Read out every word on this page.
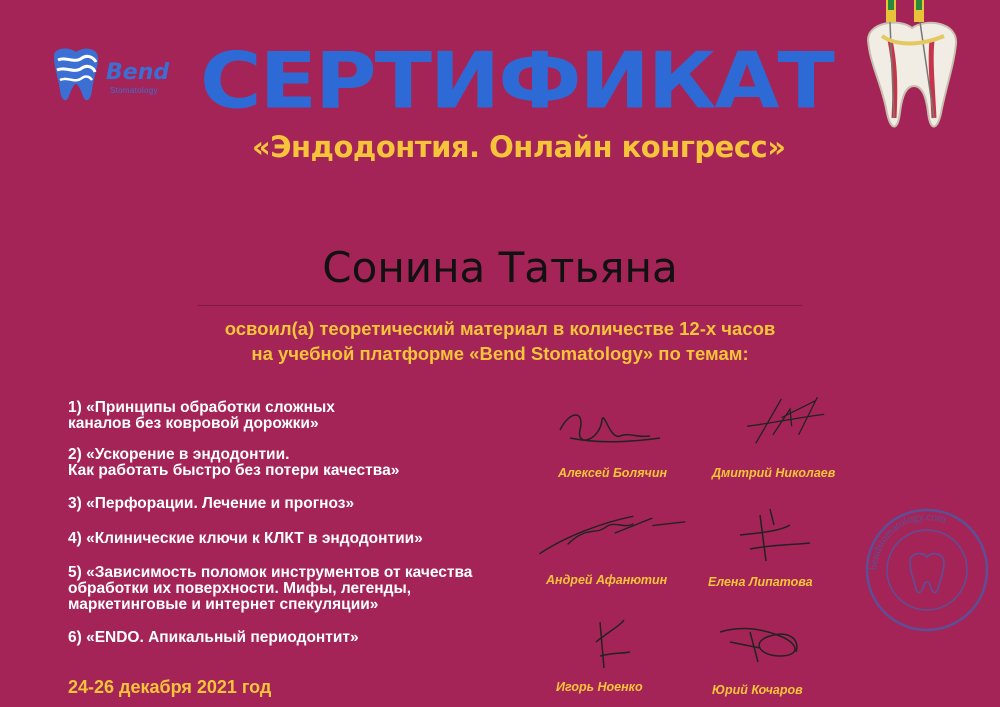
Bend
Stomatology СЕРТИФИКАТ
«Эндодонтия. Онлайн конгресс»
Сонина Татьяна
освоил(а) теоретический материал в количестве 12-х часов
на учебной платформе «Bend Stomatology» по темам:
1) «Принципы обработки сложных
каналов без ковровой дорожки»
2) «Ускорение в эндодонтии.
Как работать быстро без потери качества»
3) «Перфорации. Лечение и прогноз»
4) «Клинические ключи к КЛКТ в эндодонтии»
5) «Зависимость поломок инструментов от качества
обработки их поверхности. Мифы, легенды,
маркетинговые и интернет спекуляции»
6) «ENDO. Апикальный периодонтит»
24-26 декабря 2021 год
Алексей Болячин	Дмитрий Николаев
Андрей Афанютин	Елена Липатова
Игорь Ноенко	Юрий Кочаров
bendstomatology.com
